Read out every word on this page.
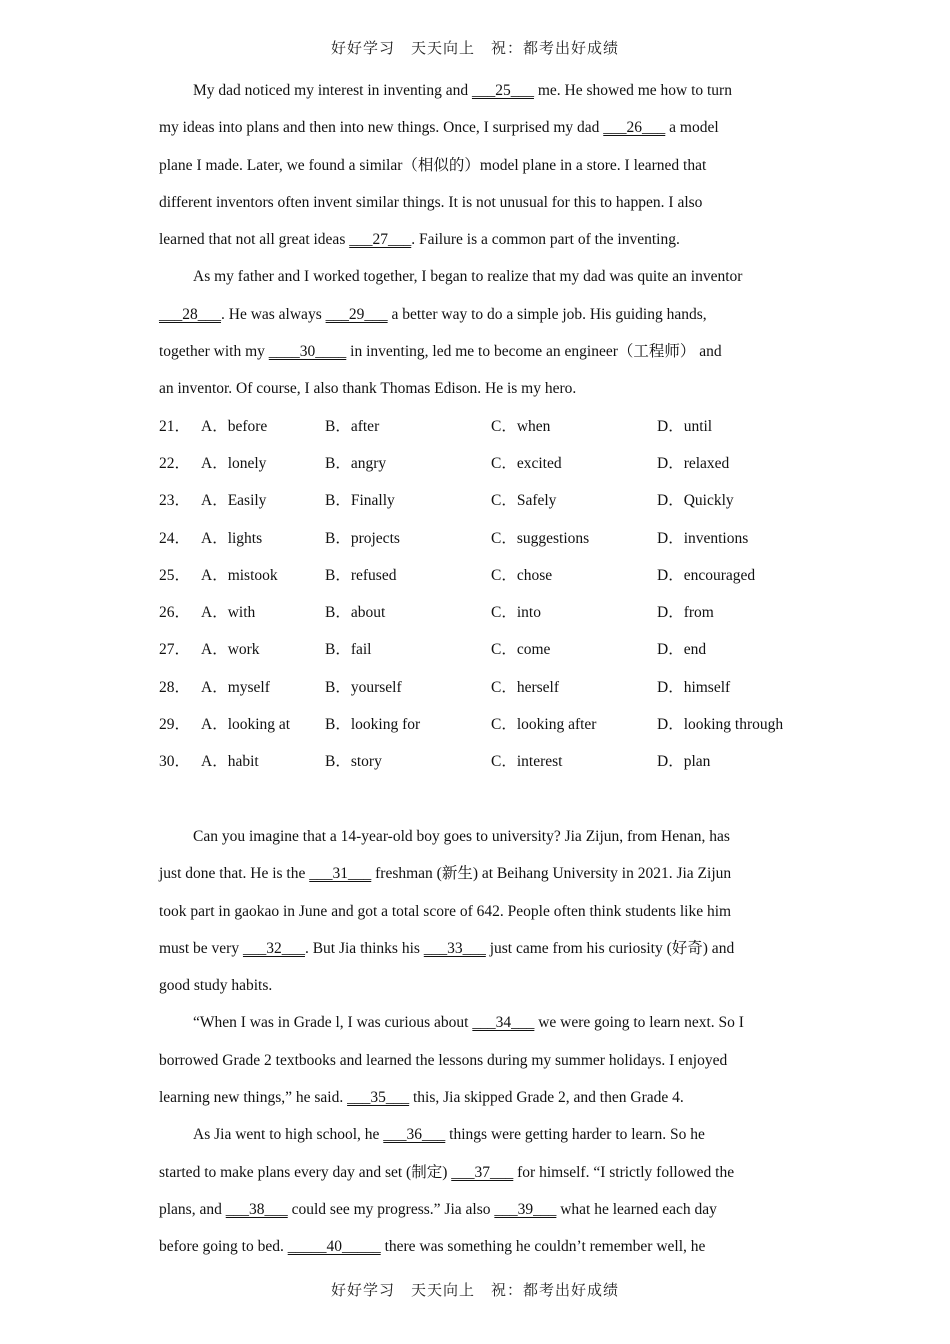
好好学习　天天向上　祝：都考出好成绩
My dad noticed my interest in inventing and ___25___ me. He showed me how to turn
my ideas into plans and then into new things. Once, I surprised my dad ___26___ a model
plane I made. Later, we found a similar（相似的）model plane in a store. I learned that
different inventors often invent similar things. It is not unusual for this to happen. I also
learned that not all great ideas ___27___. Failure is a common part of the inventing.
As my father and I worked together, I began to realize that my dad was quite an inventor
___28___. He was always ___29___ a better way to do a simple job. His guiding hands,
together with my ____30____ in inventing, led me to become an engineer（工程师） and
an inventor. Of course, I also thank Thomas Edison. He is my hero.
21． A．before	B．after	C．when	D．until
22． A．lonely	B．angry	C．excited	D．relaxed
23． A．Easily	B．Finally	C．Safely	D．Quickly
24． A．lights	B．projects	C．suggestions	D．inventions
25． A．mistook	B．refused	C．chose	D．encouraged
26． A．with	B．about	C．into	D．from
27． A．work	B．fail	C．come	D．end
28． A．myself	B．yourself	C．herself	D．himself
29． A．looking at B．looking for	C．looking after	D．looking through
30． A．habit	B．story	C．interest	D．plan
Can you imagine that a 14-year-old boy goes to university? Jia Zijun, from Henan, has
just done that. He is the ___31___ freshman (新生) at Beihang University in 2021. Jia Zijun
took part in gaokao in June and got a total score of 642. People often think students like him
must be very ___32___. But Jia thinks his ___33___ just came from his curiosity (好奇) and
good study habits.
“When I was in Grade l, I was curious about ___34___ we were going to learn next. So I
borrowed Grade 2 textbooks and learned the lessons during my summer holidays. I enjoyed
learning new things,” he said. ___35___ this, Jia skipped Grade 2, and then Grade 4.
As Jia went to high school, he ___36___ things were getting harder to learn. So he
started to make plans every day and set (制定) ___37___ for himself. “I strictly followed the
plans, and ___38___ could see my progress.” Jia also ___39___ what he learned each day
before going to bed. _____40_____ there was something he couldn’t remember well, he
好好学习　天天向上　祝：都考出好成绩
